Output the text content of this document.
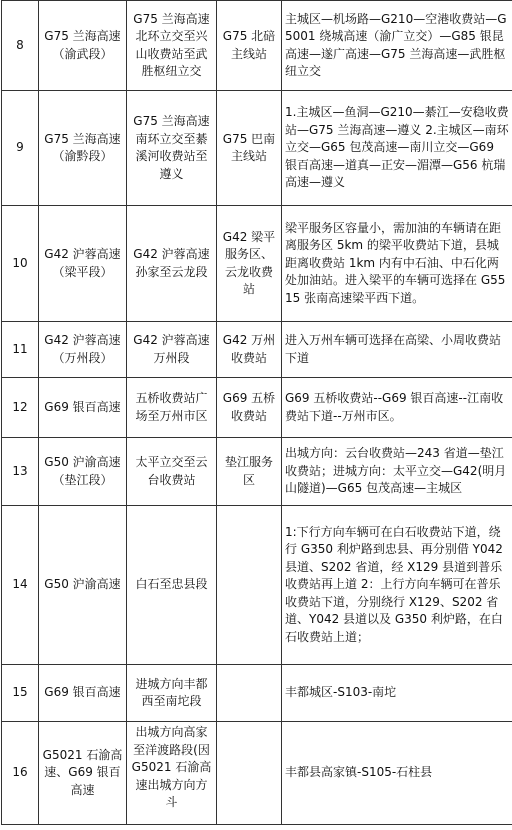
8	G75 兰海高速（渝武段）	G75 兰海高速北环立交至兴山收费站至武胜枢纽立交	G75 北碚主线站	主城区—机场路—G210—空港收费站—G5001 绕城高速（渝广立交）—G85 银昆高速—遂广高速—G75 兰海高速—武胜枢纽立交
9	G75 兰海高速（渝黔段）	G75 兰海高速南环立交至綦溪河收费站至遵义	G75 巴南主线站	1.主城区—鱼洞—G210—綦江—安稳收费站—G75 兰海高速—遵义 2.主城区—南环立交—G65 包茂高速—南川立交—G69 银百高速—道真—正安—湄潭—G56 杭瑞高速—遵义
10	G42 沪蓉高速（梁平段）	G42 沪蓉高速孙家至云龙段	G42 梁平服务区、云龙收费站	梁平服务区容量小，需加油的车辆请在距离服务区 5km 的梁平收费站下道，县城距离收费站 1km 内有中石油、中石化两处加油站。进入梁平的车辆可选择在 G5515 张南高速梁平西下道。
11	G42 沪蓉高速（万州段）	G42 沪蓉高速万州段	G42 万州收费站	进入万州车辆可选择在高梁、小周收费站下道
12	G69 银百高速	五桥收费站广场至万州市区	G69 五桥收费站	G69 五桥收费站--G69 银百高速--江南收费站下道--万州市区。
13	G50 沪渝高速（垫江段）	太平立交至云台收费站	垫江服务区	出城方向：云台收费站—243 省道—垫江收费站；进城方向：太平立交—G42(明月山隧道)—G65 包茂高速—主城区
14	G50 沪渝高速	白石至忠县段		1:下行方向车辆可在白石收费站下道，绕行 G350 利炉路到忠县、再分别借 Y042 县道、S202 省道，经 X129 县道到普乐收费站再上道 2：上行方向车辆可在普乐收费站下道，分别绕行 X129、S202 省道、Y042 县道以及 G350 利炉路，在白石收费站上道；
15	G69 银百高速	进城方向丰都西至南坨段		丰都城区-S103-南坨
16	G5021 石渝高速、G69 银百高速	出城方向高家至洋渡路段(因 G5021 石渝高速出城方向方斗		丰都县高家镇-S105-石柱县
